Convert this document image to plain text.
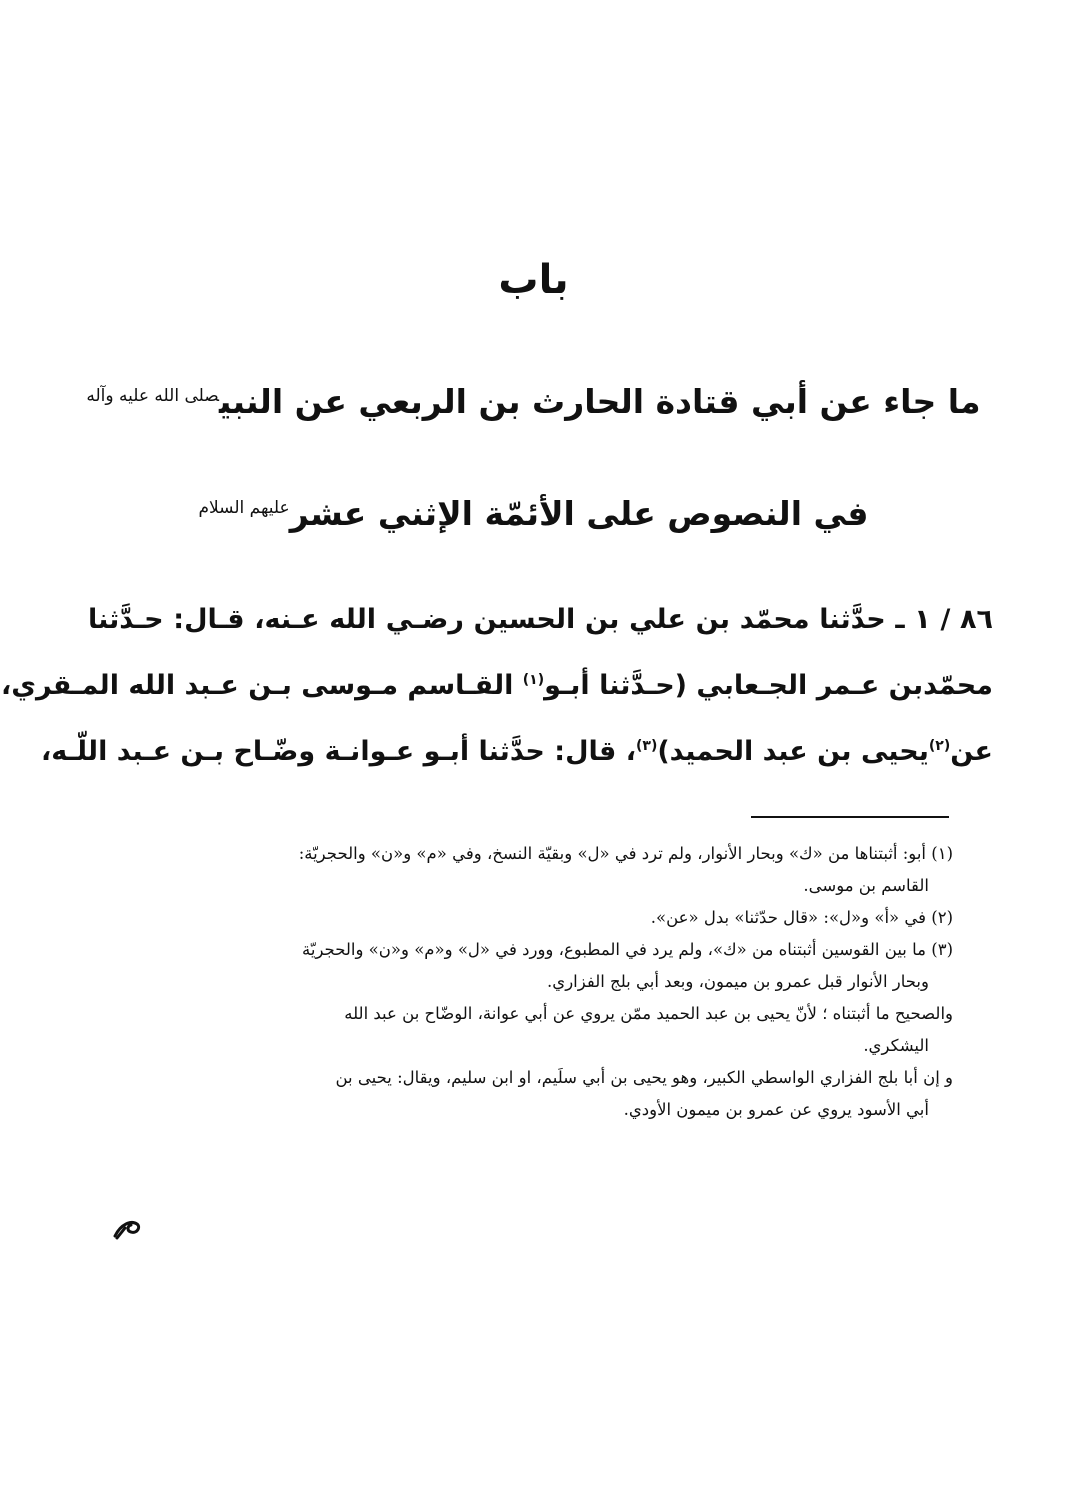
باب
ما جاء عن أبي قتادة الحارث بن الربعي عن النبي$^{صلى الله عليه وآله}$
في النصوص على الأئمّة الإثني عشر$^{عليهم السلام}$
٨٦ / ١ ـ حدَّثنا محمّد بن علي بن الحسين رضـي الله عـنه، قـال: حـدَّثنا
محمّدبن عـمر الجـعابي (حـدَّثنا أبـو$^{(١)}$ القـاسم مـوسى بـن عـبد الله المـقري،
عن$^{(٢)}$يحيى بن عبد الحميد)$^{(٣)}$، قال: حدَّثنا أبـو عـوانـة وضّـاح بـن عـبد اللّـه،

(١) أبو: أثبتناها من «ك» وبحار الأنوار، ولم ترد في «ل» وبقيّة النسخ، وفي «م» و«ن» والحجريّة:
القاسم بن موسى.

(٢) في «أ» و«ل»: «قال حدّثنا» بدل «عن».

(٣) ما بين القوسين أثبتناه من «ك»، ولم يرد في المطبوع، وورد في «ل» و«م» و«ن» والحجريّة
وبحار الأنوار قبل عمرو بن ميمون، وبعد أبي بلج الفزاري.

والصحيح ما أثبتناه ؛ لأنّ يحيى بن عبد الحميد ممّن يروي عن أبي عوانة، الوضّاح بن عبد الله
اليشكري.

و إن أبا بلج الفزاري الواسطي الكبير، وهو يحيى بن أبي سلَيم، او ابن سليم، ويقال: يحيى بن
أبي الأسود يروي عن عمرو بن ميمون الأودي.
